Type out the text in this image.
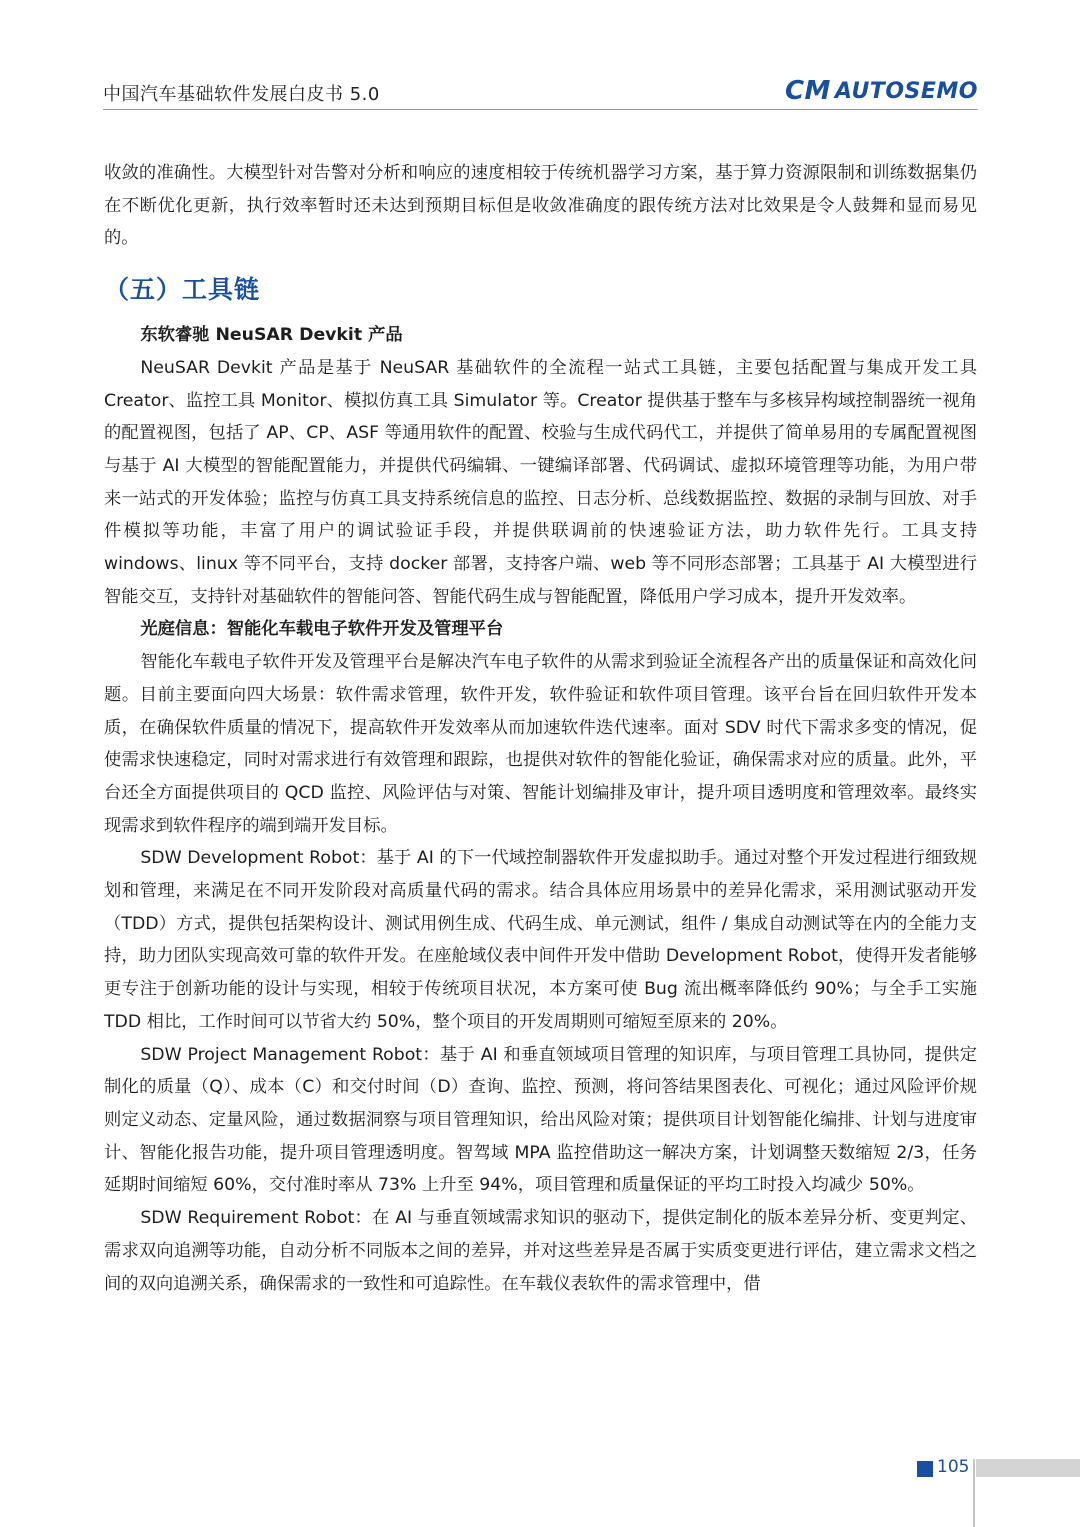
中国汽车基础软件发展白皮书 5.0	CM AUTOSEMO

收敛的准确性。大模型针对告警对分析和响应的速度相较于传统机器学习方案，基于算力资源限制和训练数据集仍在不断优化更新，执行效率暂时还未达到预期目标但是收敛准确度的跟传统方法对比效果是令人鼓舞和显而易见的。

（五）工具链

东软睿驰 NeuSAR Devkit 产品

NeuSAR Devkit 产品是基于 NeuSAR 基础软件的全流程一站式工具链，主要包括配置与集成开发工具 Creator、监控工具 Monitor、模拟仿真工具 Simulator 等。Creator 提供基于整车与多核异构域控制器统一视角的配置视图，包括了 AP、CP、ASF 等通用软件的配置、校验与生成代码代工，并提供了简单易用的专属配置视图与基于 AI 大模型的智能配置能力，并提供代码编辑、一键编译部署、代码调试、虚拟环境管理等功能，为用户带来一站式的开发体验；监控与仿真工具支持系统信息的监控、日志分析、总线数据监控、数据的录制与回放、对手件模拟等功能，丰富了用户的调试验证手段，并提供联调前的快速验证方法，助力软件先行。工具支持 windows、linux 等不同平台，支持 docker 部署，支持客户端、web 等不同形态部署；工具基于 AI 大模型进行智能交互，支持针对基础软件的智能问答、智能代码生成与智能配置，降低用户学习成本，提升开发效率。

光庭信息：智能化车载电子软件开发及管理平台

智能化车载电子软件开发及管理平台是解决汽车电子软件的从需求到验证全流程各产出的质量保证和高效化问题。目前主要面向四大场景：软件需求管理，软件开发，软件验证和软件项目管理。该平台旨在回归软件开发本质，在确保软件质量的情况下，提高软件开发效率从而加速软件迭代速率。面对 SDV 时代下需求多变的情况，促使需求快速稳定，同时对需求进行有效管理和跟踪，也提供对软件的智能化验证，确保需求对应的质量。此外，平台还全方面提供项目的 QCD 监控、风险评估与对策、智能计划编排及审计，提升项目透明度和管理效率。最终实现需求到软件程序的端到端开发目标。

SDW Development Robot：基于 AI 的下一代域控制器软件开发虚拟助手。通过对整个开发过程进行细致规划和管理，来满足在不同开发阶段对高质量代码的需求。结合具体应用场景中的差异化需求，采用测试驱动开发（TDD）方式，提供包括架构设计、测试用例生成、代码生成、单元测试，组件 / 集成自动测试等在内的全能力支持，助力团队实现高效可靠的软件开发。在座舱域仪表中间件开发中借助 Development Robot，使得开发者能够更专注于创新功能的设计与实现，相较于传统项目状况，本方案可使 Bug 流出概率降低约 90%；与全手工实施 TDD 相比，工作时间可以节省大约 50%，整个项目的开发周期则可缩短至原来的 20%。

SDW Project Management Robot：基于 AI 和垂直领域项目管理的知识库，与项目管理工具协同，提供定制化的质量（Q）、成本（C）和交付时间（D）查询、监控、预测，将问答结果图表化、可视化；通过风险评价规则定义动态、定量风险，通过数据洞察与项目管理知识，给出风险对策；提供项目计划智能化编排、计划与进度审计、智能化报告功能，提升项目管理透明度。智驾域 MPA 监控借助这一解决方案，计划调整天数缩短 2/3，任务延期时间缩短 60%，交付准时率从 73% 上升至 94%，项目管理和质量保证的平均工时投入均减少 50%。

SDW Requirement Robot：在 AI 与垂直领域需求知识的驱动下，提供定制化的版本差异分析、变更判定、需求双向追溯等功能，自动分析不同版本之间的差异，并对这些差异是否属于实质变更进行评估，建立需求文档之间的双向追溯关系，确保需求的一致性和可追踪性。在车载仪表软件的需求管理中，借

105
